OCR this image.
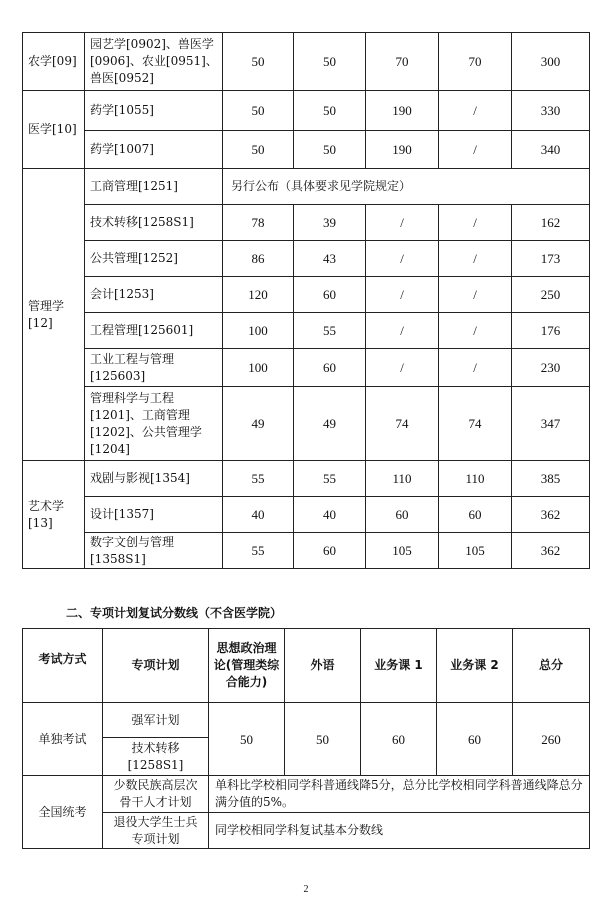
农学[09]	园艺学[0902]、兽医学[0906]、农业[0951]、兽医[0952]	50	50	70	70	300
医学[10]	药学[1055]	50	50	190	/	330
	药学[1007]	50	50	190	/	340
管理学[12]	工商管理[1251]	另行公布（具体要求见学院规定）				
	技术转移[1258S1]	78	39	/	/	162
	公共管理[1252]	86	43	/	/	173
	会计[1253]	120	60	/	/	250
	工程管理[125601]	100	55	/	/	176
	工业工程与管理[125603]	100	60	/	/	230
	管理科学与工程[1201]、工商管理[1202]、公共管理学[1204]	49	49	74	74	347
艺术学[13]	戏剧与影视[1354]	55	55	110	110	385
	设计[1357]	40	40	60	60	362
	数字文创与管理[1358S1]	55	60	105	105	362
二、专项计划复试分数线（不含医学院）
考试方式	专项计划	思想政治理论(管理类综合能力)	外语	业务课 1	业务课 2	总分
单独考试	强军计划	50	50	60	60	260
	技术转移[1258S1]					
全国统考	少数民族高层次骨干人才计划	单科比学校相同学科普通线降5分，总分比学校相同学科普通线降总分满分值的5%。				
	退役大学生士兵专项计划	同学校相同学科复试基本分数线				
2
